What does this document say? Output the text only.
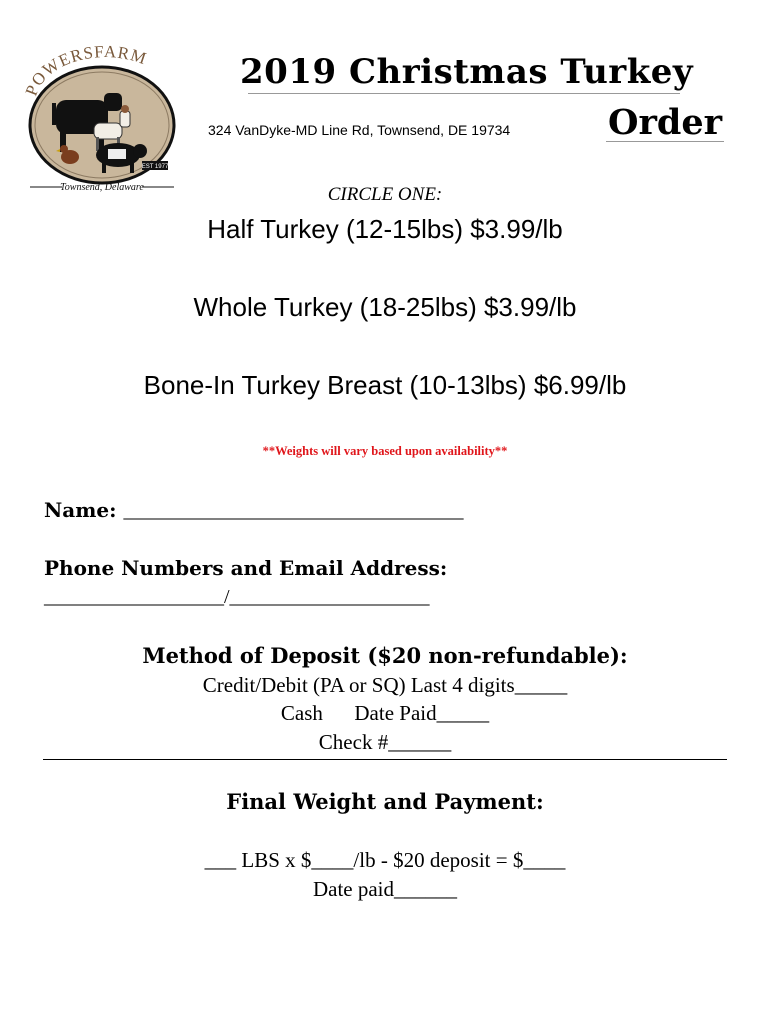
POWERSFARM
EST 1977
Townsend, Delaware
2019 Christmas Turkey
324 VanDyke-MD Line Rd, Townsend, DE 19734	Order
CIRCLE ONE:
Half Turkey (12-15lbs) $3.99/lb
Whole Turkey (18-25lbs) $3.99/lb
Bone-In Turkey Breast (10-13lbs) $6.99/lb
**Weights will vary based upon availability**
Name: __________________________________
Phone Numbers and Email Address:
__________________/____________________
Method of Deposit ($20 non-refundable):
Credit/Debit (PA or SQ) Last 4 digits_____
Cash      Date Paid_____
Check #______
Final Weight and Payment:
___ LBS x $____/lb - $20 deposit = $____
Date paid______
